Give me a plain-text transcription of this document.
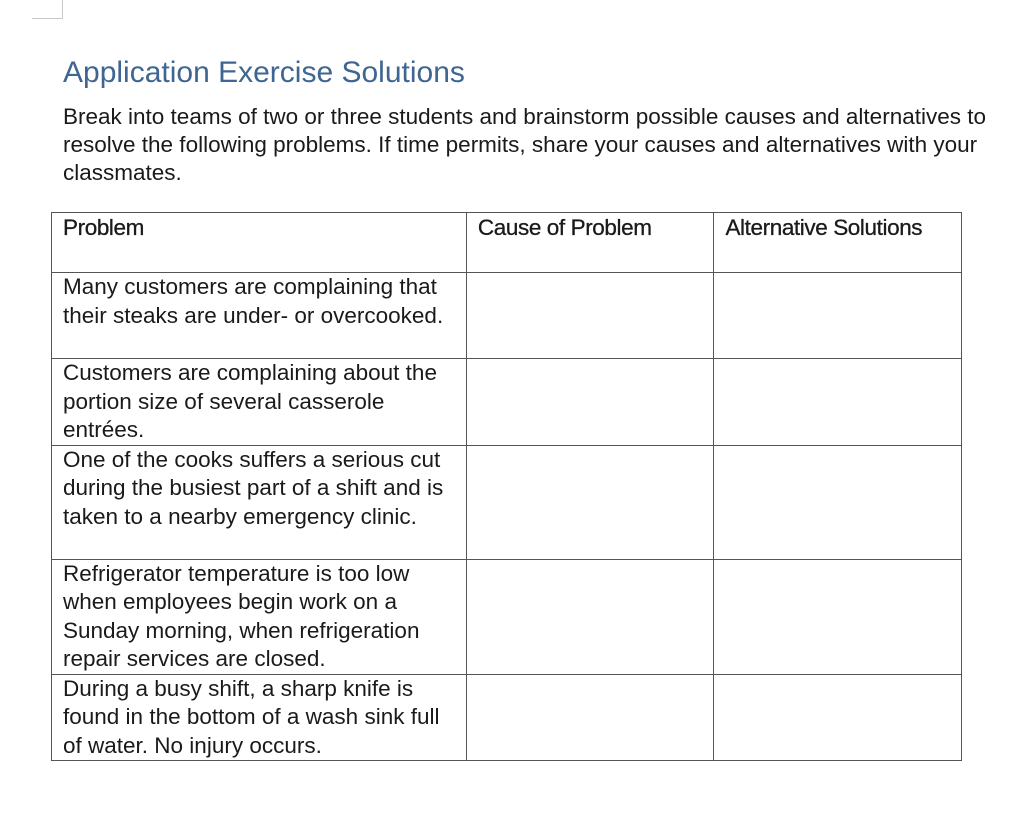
Application Exercise Solutions

Break into teams of two or three students and brainstorm possible causes and alternatives to resolve the following problems. If time permits, share your causes and alternatives with your classmates.

Problem	Cause of Problem	Alternative Solutions
Many customers are complaining that their steaks are under- or overcooked.		
Customers are complaining about the portion size of several casserole entrées.		
One of the cooks suffers a serious cut during the busiest part of a shift and is taken to a nearby emergency clinic.		
Refrigerator temperature is too low when employees begin work on a Sunday morning, when refrigeration repair services are closed.		
During a busy shift, a sharp knife is found in the bottom of a wash sink full of water. No injury occurs.		
